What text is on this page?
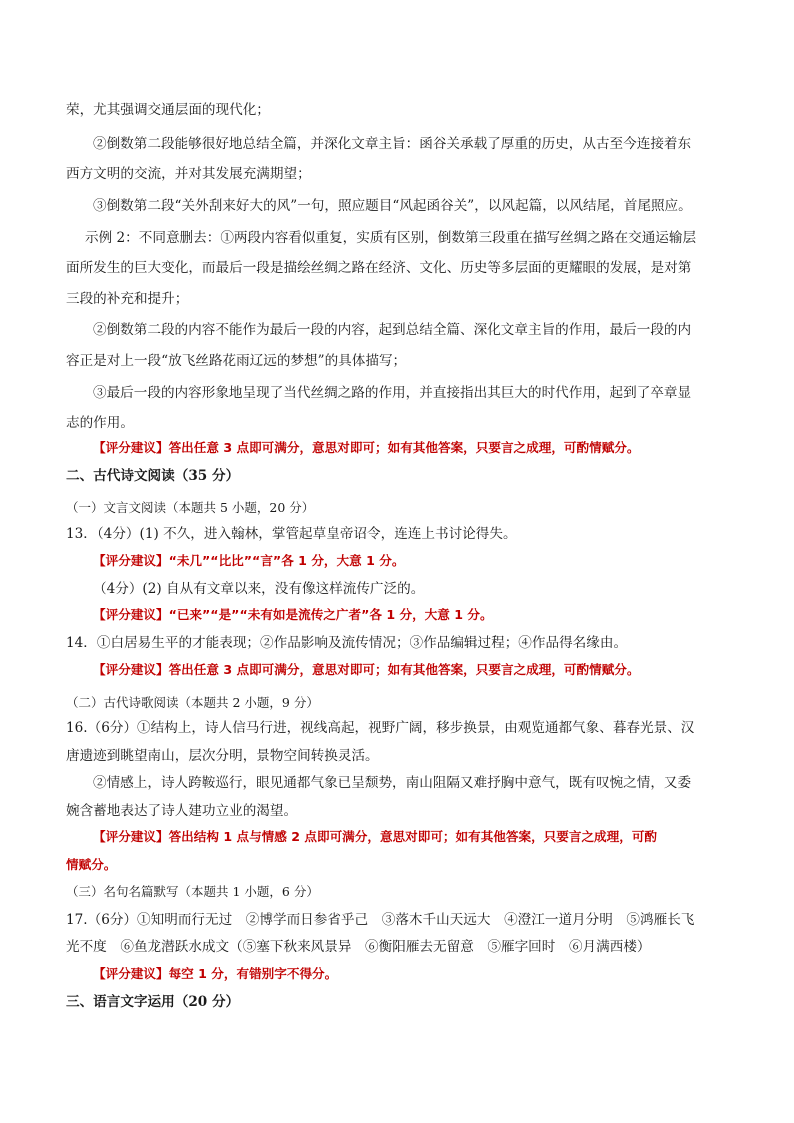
荣，尤其强调交通层面的现代化；
②倒数第二段能够很好地总结全篇，并深化文章主旨：函谷关承载了厚重的历史，从古至今连接着东
西方文明的交流，并对其发展充满期望；
③倒数第二段“关外刮来好大的风”一句，照应题目“风起函谷关”，以风起篇，以风结尾，首尾照应。
示例 2：不同意删去：①两段内容看似重复，实质有区别，倒数第三段重在描写丝绸之路在交通运输层
面所发生的巨大变化，而最后一段是描绘丝绸之路在经济、文化、历史等多层面的更耀眼的发展，是对第
三段的补充和提升；
②倒数第二段的内容不能作为最后一段的内容，起到总结全篇、深化文章主旨的作用，最后一段的内
容正是对上一段“放飞丝路花雨辽远的梦想”的具体描写；
③最后一段的内容形象地呈现了当代丝绸之路的作用，并直接指出其巨大的时代作用，起到了卒章显
志的作用。
【评分建议】答出任意 3 点即可满分，意思对即可；如有其他答案，只要言之成理，可酌情赋分。
二、古代诗文阅读（35 分）
（一）文言文阅读（本题共 5 小题，20 分）
13．（4分）(1) 不久，进入翰林，掌管起草皇帝诏令，连连上书讨论得失。
【评分建议】“未几”“比比”“言”各 1 分，大意 1 分。
（4分）(2) 自从有文章以来，没有像这样流传广泛的。
【评分建议】“已来”“是”“未有如是流传之广者”各 1 分，大意 1 分。
14．①白居易生平的才能表现；②作品影响及流传情况；③作品编辑过程；④作品得名缘由。
【评分建议】答出任意 3 点即可满分，意思对即可；如有其他答案，只要言之成理，可酌情赋分。
（二）古代诗歌阅读（本题共 2 小题，9 分）
16.（6分）①结构上，诗人信马行进，视线高起，视野广阔，移步换景，由观览通都气象、暮春光景、汉
唐遗迹到眺望南山，层次分明，景物空间转换灵活。
②情感上，诗人跨鞍巡行，眼见通都气象已呈颓势，南山阻隔又难抒胸中意气，既有叹惋之情，又委
婉含蓄地表达了诗人建功立业的渴望。
【评分建议】答出结构 1 点与情感 2 点即可满分，意思对即可；如有其他答案，只要言之成理，可酌
情赋分。
（三）名句名篇默写（本题共 1 小题，6 分）
17.（6分）①知明而行无过　②博学而日参省乎己　③落木千山天远大　④澄江一道月分明　⑤鸿雁长飞
光不度　⑥鱼龙潜跃水成文（⑤塞下秋来风景异　⑥衡阳雁去无留意　⑤雁字回时　⑥月满西楼）
【评分建议】每空 1 分，有错别字不得分。
三、语言文字运用（20 分）
